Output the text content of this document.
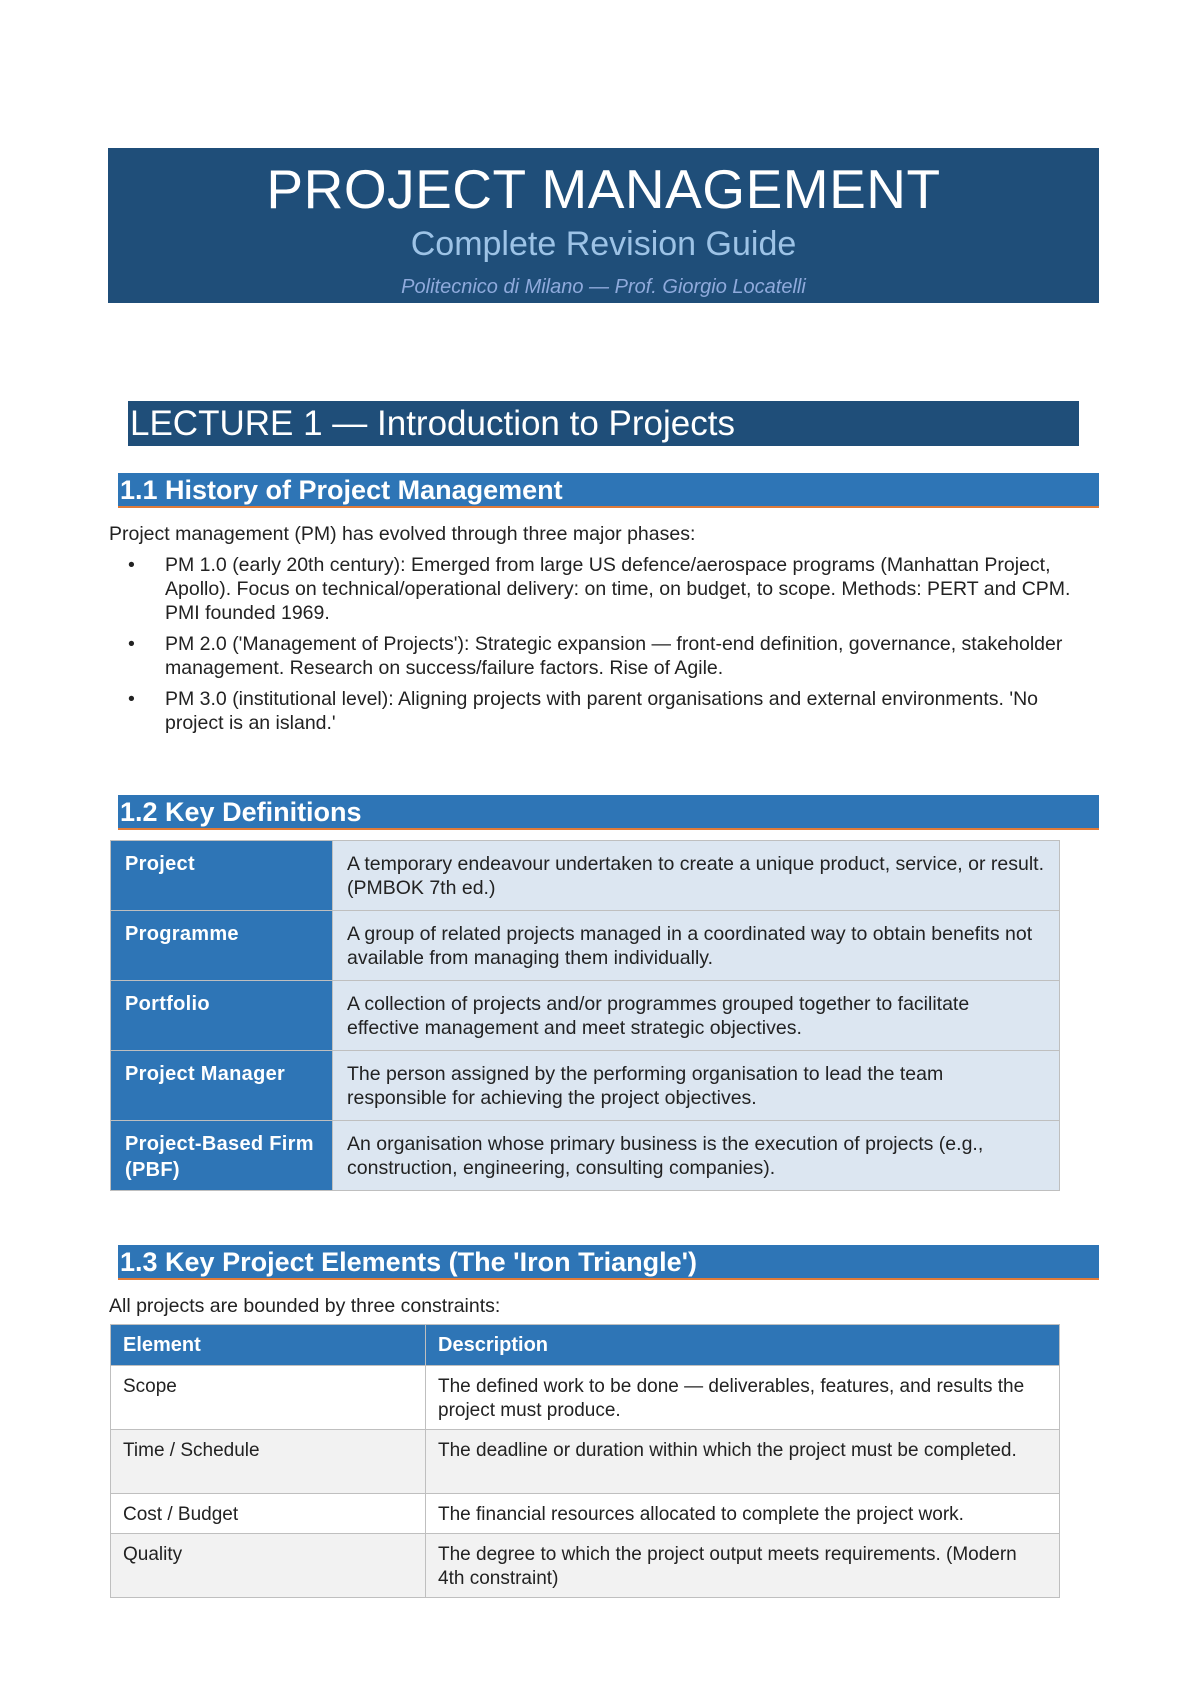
PROJECT MANAGEMENT
Complete Revision Guide
Politecnico di Milano — Prof. Giorgio Locatelli
LECTURE 1 — Introduction to Projects
1.1 History of Project Management
Project management (PM) has evolved through three major phases:
• PM 1.0 (early 20th century): Emerged from large US defence/aerospace programs (Manhattan Project, Apollo). Focus on technical/operational delivery: on time, on budget, to scope. Methods: PERT and CPM. PMI founded 1969.
• PM 2.0 ('Management of Projects'): Strategic expansion — front-end definition, governance, stakeholder management. Research on success/failure factors. Rise of Agile.
• PM 3.0 (institutional level): Aligning projects with parent organisations and external environments. 'No project is an island.'
1.2 Key Definitions
Project	A temporary endeavour undertaken to create a unique product, service, or result. (PMBOK 7th ed.)
Programme	A group of related projects managed in a coordinated way to obtain benefits not available from managing them individually.
Portfolio	A collection of projects and/or programmes grouped together to facilitate effective management and meet strategic objectives.
Project Manager	The person assigned by the performing organisation to lead the team responsible for achieving the project objectives.
Project-Based Firm (PBF)	An organisation whose primary business is the execution of projects (e.g., construction, engineering, consulting companies).
1.3 Key Project Elements (The 'Iron Triangle')
All projects are bounded by three constraints:
Element	Description
Scope	The defined work to be done — deliverables, features, and results the project must produce.
Time / Schedule	The deadline or duration within which the project must be completed.
Cost / Budget	The financial resources allocated to complete the project work.
Quality	The degree to which the project output meets requirements. (Modern 4th constraint)
